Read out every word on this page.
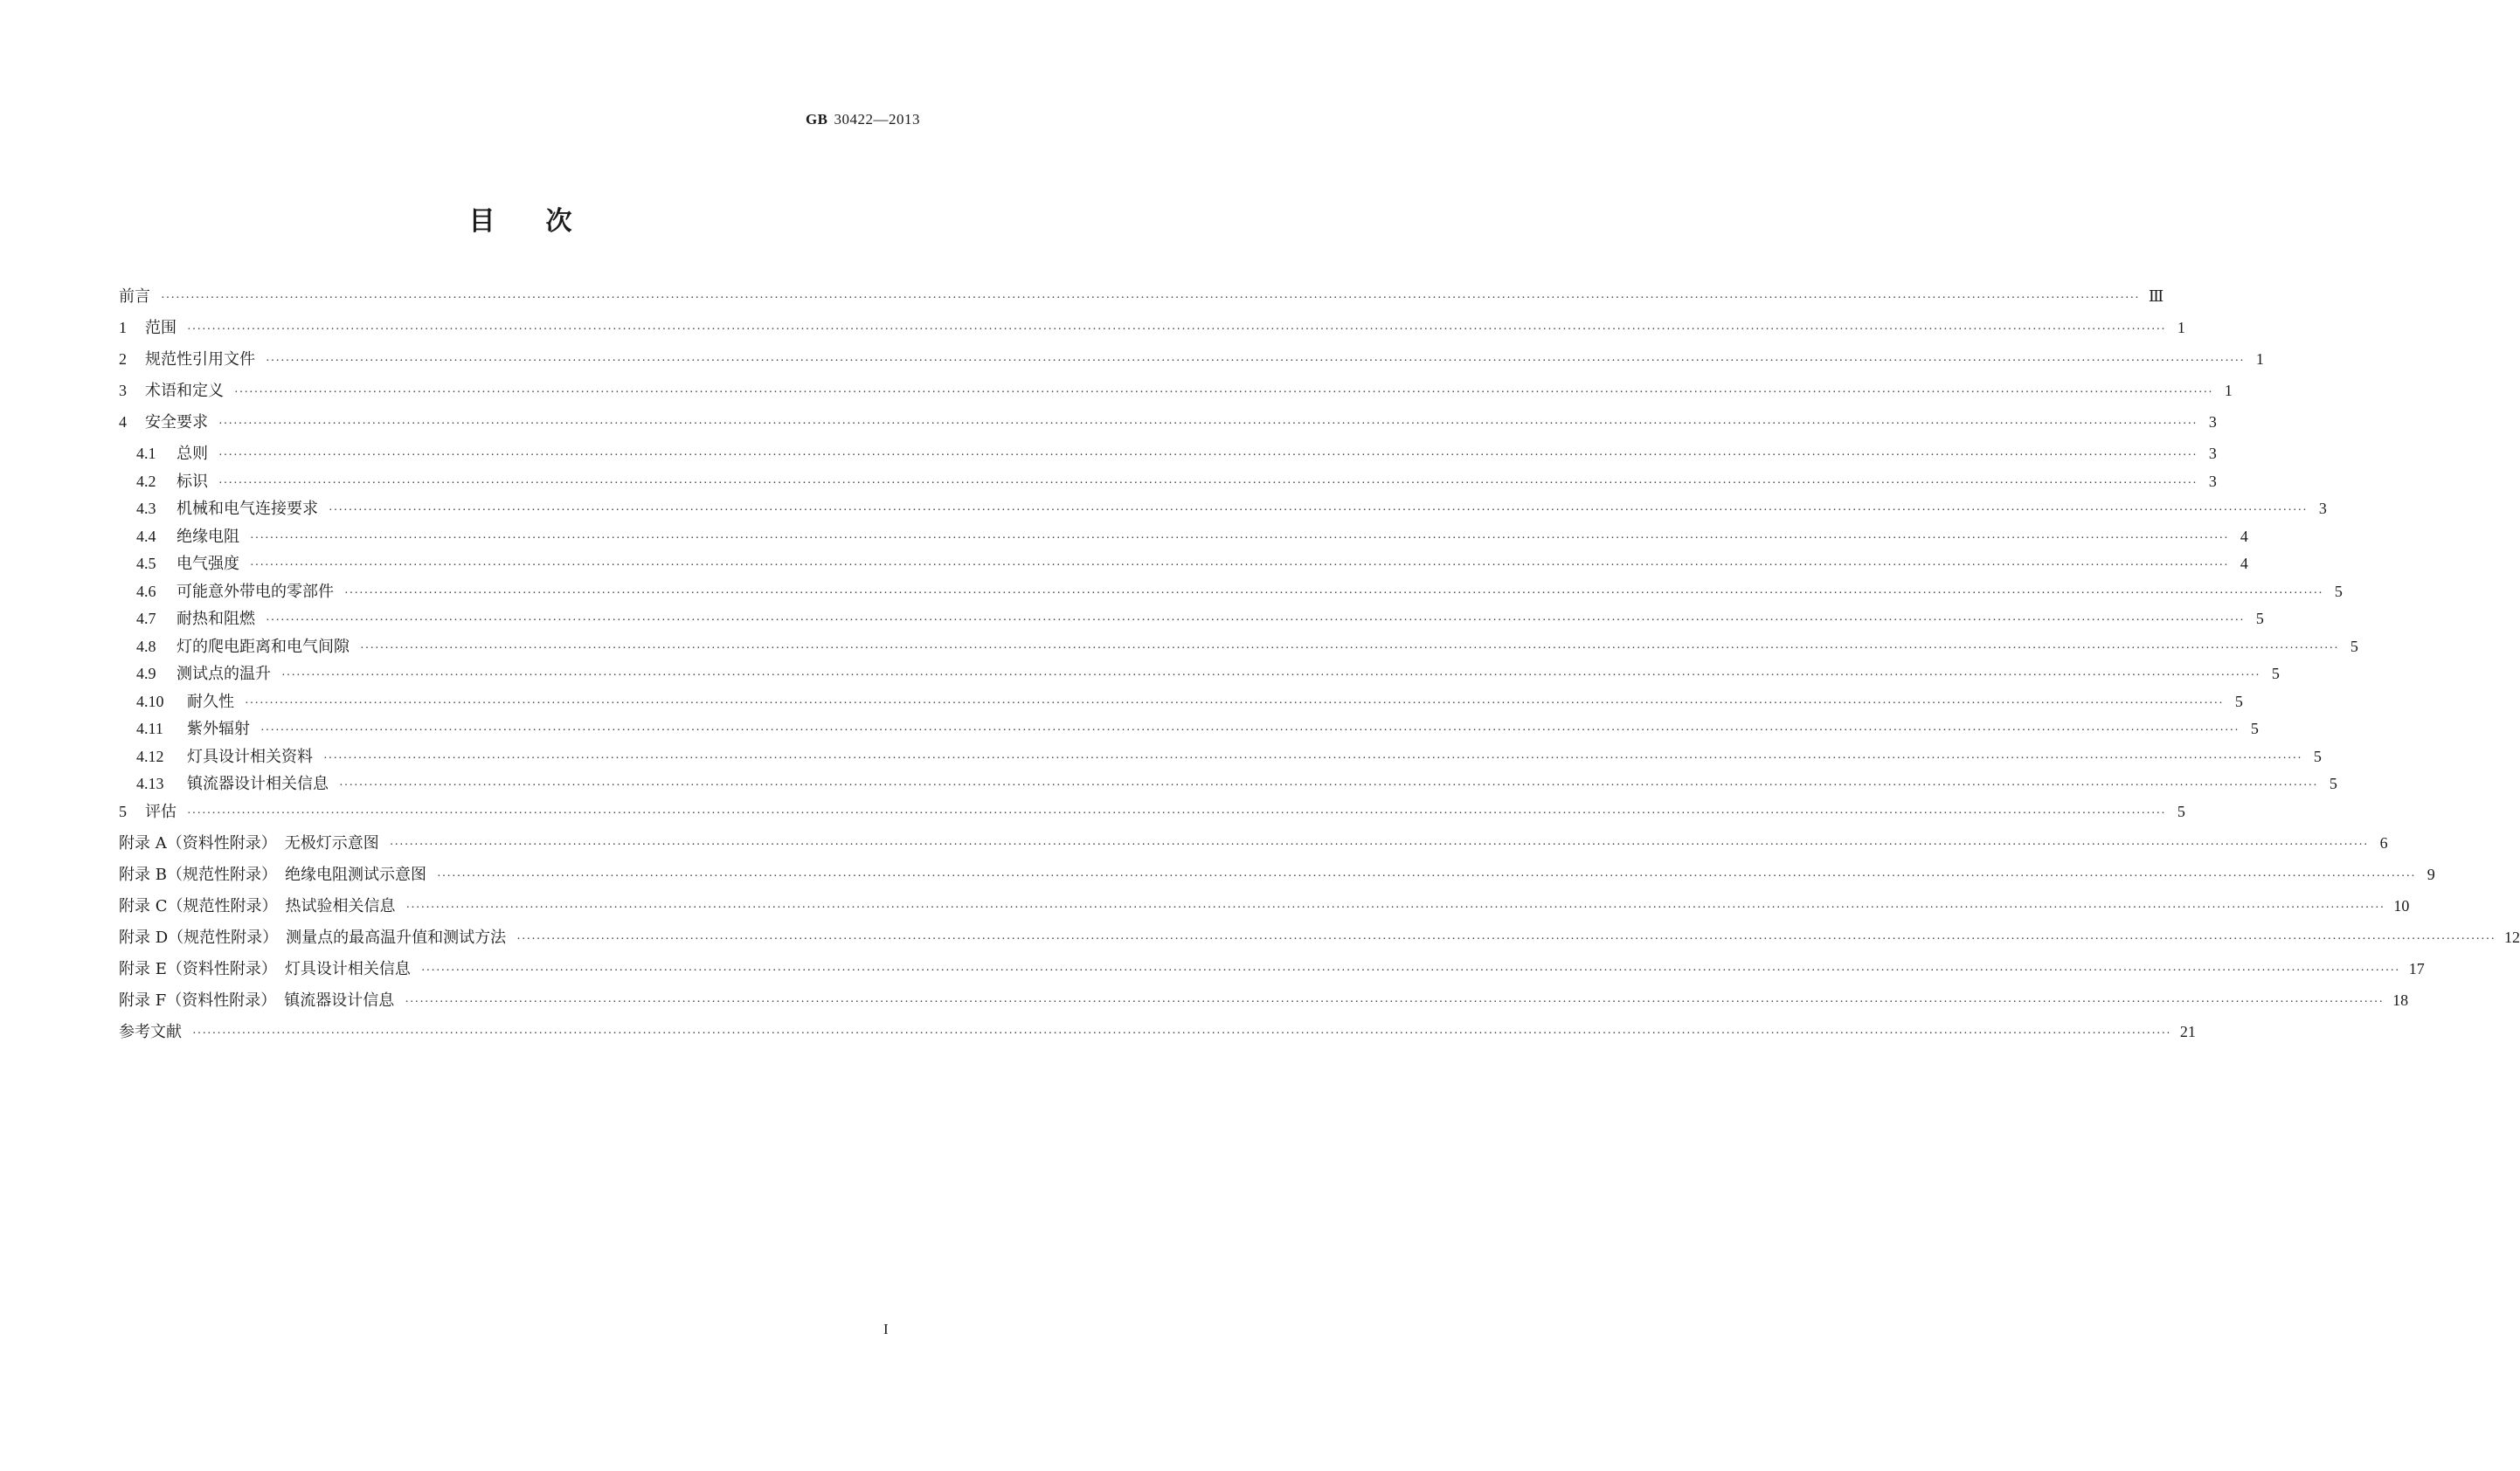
GB 30422—2013
目次
前言 ················································································································································································································································································································································································································ Ⅲ
1 范围 ················································································································································································································································································································································································································ 1
2 规范性引用文件 ················································································································································································································································································································································································································ 1
3 术语和定义 ················································································································································································································································································································································································································ 1
4 安全要求 ················································································································································································································································································································································································································ 3
4.1 总则 ················································································································································································································································································································································································································ 3
4.2 标识 ················································································································································································································································································································································································································ 3
4.3 机械和电气连接要求 ················································································································································································································································································································································································································ 3
4.4 绝缘电阻 ················································································································································································································································································································································································································ 4
4.5 电气强度 ················································································································································································································································································································································································································ 4
4.6 可能意外带电的零部件 ················································································································································································································································································································································································································ 5
4.7 耐热和阻燃 ················································································································································································································································································································································································································ 5
4.8 灯的爬电距离和电气间隙 ················································································································································································································································································································································································································ 5
4.9 测试点的温升 ················································································································································································································································································································································································································ 5
4.10 耐久性 ················································································································································································································································································································································································································ 5
4.11 紫外辐射 ················································································································································································································································································································································································································ 5
4.12 灯具设计相关资料 ················································································································································································································································································································································································································ 5
4.13 镇流器设计相关信息 ················································································································································································································································································································································································································ 5
5 评估 ················································································································································································································································································································································································································ 5
附录 A（资料性附录）　无极灯示意图 ················································································································································································································································································································································································································ 6
附录 B（规范性附录）　绝缘电阻测试示意图 ················································································································································································································································································································································································································ 9
附录 C（规范性附录）　热试验相关信息 ················································································································································································································································································································································································································ 10
附录 D（规范性附录）　测量点的最高温升值和测试方法 ················································································································································································································································································································································································································ 12
附录 E（资料性附录）　灯具设计相关信息 ················································································································································································································································································································································································································ 17
附录 F（资料性附录）　镇流器设计信息 ················································································································································································································································································································································································································ 18
参考文献 ················································································································································································································································································································································································································ 21
I
